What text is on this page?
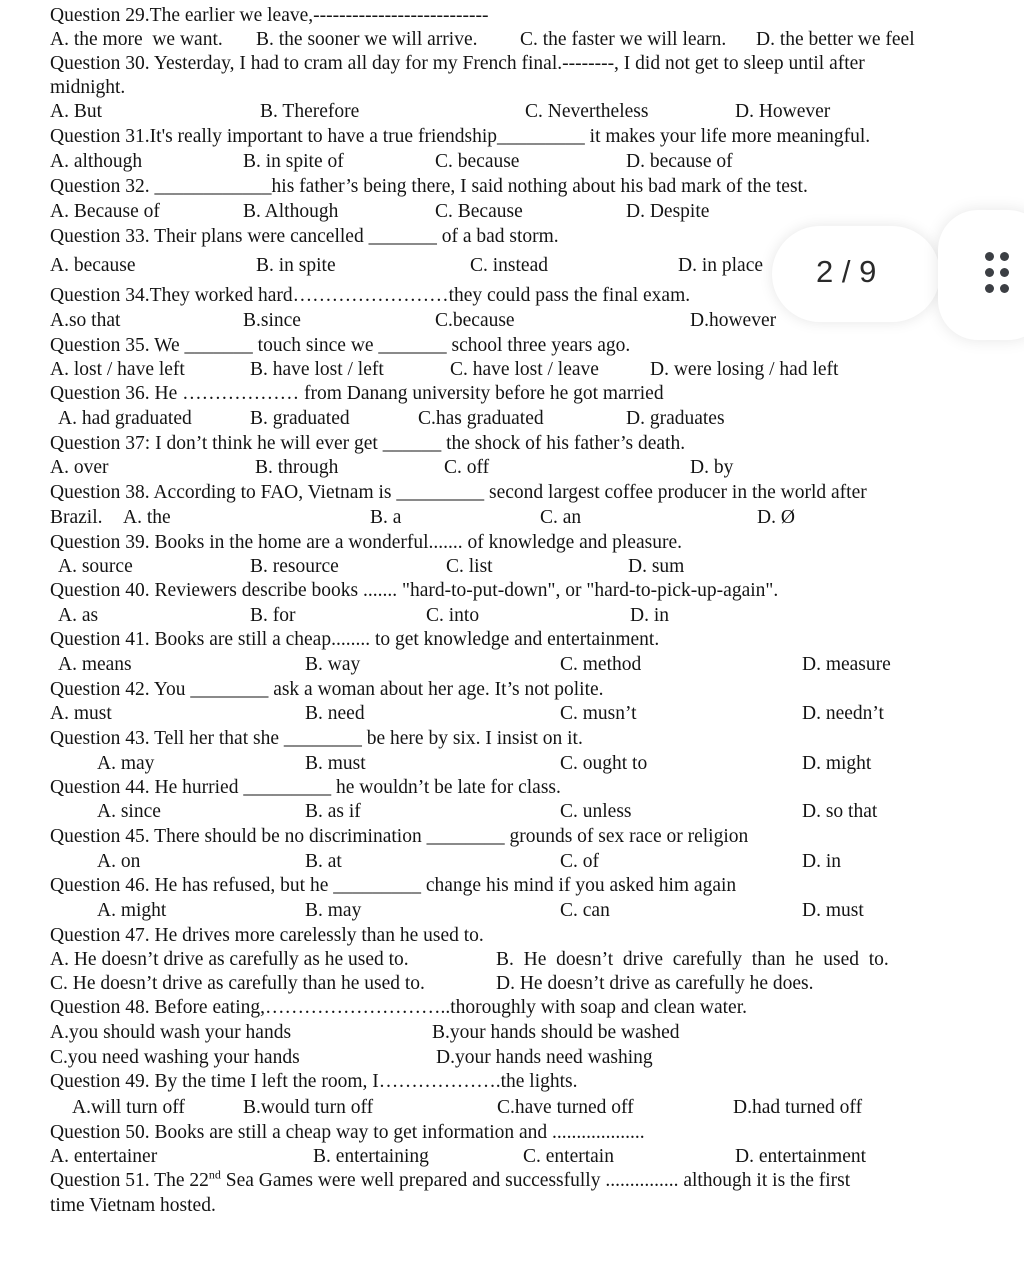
Question 29.The earlier we leave,---------------------------
A. the more  we want. B. the sooner we will arrive. C. the faster we will learn. D. the better we feel
Question 30. Yesterday, I had to cram all day for my French final.--------, I did not get to sleep until after
midnight.
A. But	B. Therefore	C. Nevertheless	D. However
Question 31.It's really important to have a true friendship_________ it makes your life more meaningful.
A. although	B. in spite of	C. because	D. because of
Question 32. ____________his father’s being there, I said nothing about his bad mark of the test.
A. Because of	B. Although	C. Because	D. Despite
Question 33. Their plans were cancelled _______ of a bad storm.
A. because	B. in spite	C. instead	D. in place
Question 34.They worked hard……………………they could pass the final exam.
A.so that	B.since	C.because	D.however
Question 35. We _______ touch since we _______ school three years ago.
A. lost / have left	B. have lost / left	C. have lost / leave	D. were losing / had left
Question 36. He ……………… from Danang university before he got married
A. had graduated	B. graduated	C.has graduated	D. graduates
Question 37: I don’t think he will ever get ______ the shock of his father’s death.
A. over	B. through	C. off	D. by
Question 38. According to FAO, Vietnam is _________ second largest coffee producer in the world after
Brazil. A. the	B. a	C. an	D. Ø
Question 39. Books in the home are a wonderful....... of knowledge and pleasure.
A. source	B. resource	C. list	D. sum
Question 40. Reviewers describe books ....... "hard-to-put-down", or "hard-to-pick-up-again".
A. as	B. for	C. into	D. in
Question 41. Books are still a cheap........ to get knowledge and entertainment.
A. means	B. way	C. method	D. measure
Question 42. You ________ ask a woman about her age. It’s not polite.
A. must	B. need	C. musn’t	D. needn’t
Question 43. Tell her that she ________ be here by six. I insist on it.
A. may	B. must	C. ought to	D. might
Question 44. He hurried _________ he wouldn’t be late for class.
A. since	B. as if	C. unless	D. so that
Question 45. There should be no discrimination ________ grounds of sex race or religion
A. on	B. at	C. of	D. in
Question 46. He has refused, but he _________ change his mind if you asked him again
A. might	B. may	C. can	D. must
Question 47. He drives more carelessly than he used to.
A. He doesn’t drive as carefully as he used to.	B.  He  doesn’t  drive  carefully  than  he  used  to.
C. He doesn’t drive as carefully than he used to.	D. He doesn’t drive as carefully he does.
Question 48. Before eating,………………………..thoroughly with soap and clean water.
A.you should wash your hands	B.your hands should be washed
C.you need washing your hands	D.your hands need washing
Question 49. By the time I left the room, I……………….the lights.
A.will turn off	B.would turn off	C.have turned off	D.had turned off
Question 50. Books are still a cheap way to get information and ...................
A. entertainer	B. entertaining	C. entertain	D. entertainment
Question 51. The 22nd Sea Games were well prepared and successfully ............... although it is the first
time Vietnam hosted.
2 / 9
